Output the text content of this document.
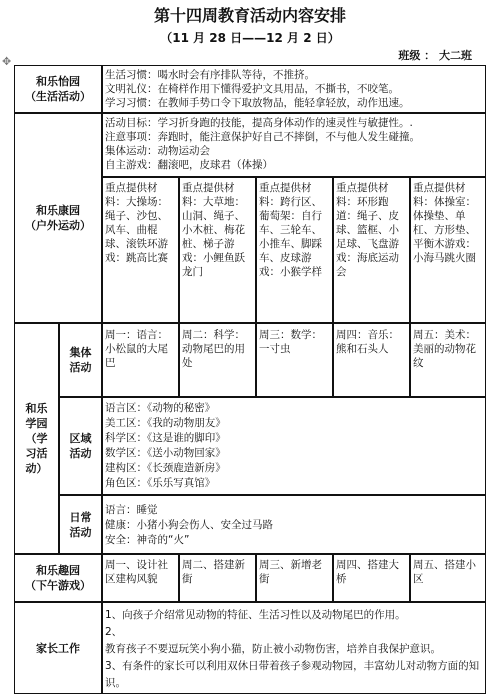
第十四周教育活动内容安排
（11 月 28 日——12 月 2 日）
✥	班级 ： 大二班
和乐怡园
（生活活动）
生活习惯：喝水时会有序排队等待，不推挤。
文明礼仪：在椅样作用下懂得爱护文具用品，不撕书，不咬笔。
学习习惯：在教师手势口令下取放物品，能轻拿轻放，动作迅速。
和乐康园
（户外运动）
活动目标：学习折身跑的技能，提高身体动作的速灵性与敏捷性。.
注意事项：奔跑时，能注意保护好自己不摔倒，不与他人发生碰撞。
集体运动：动物运动会
自主游戏：翻滚吧，皮球君（体操）
重点提供材料：大操场：绳子、沙包、风车、曲棍球、滚铁环游戏：跳高比赛
重点提供材料：大草地：山洞、绳子、小木桩、梅花桩、梯子游戏：小鲤鱼跃龙门
重点提供材料：跨行区、葡萄架：自行车、三轮车、小推车、脚踩车、皮球游戏：小猴学样
重点提供材料：环形跑道：绳子、皮球、篮框、小足球、飞盘游戏：海底运动会
重点提供材料：体操室：体操垫、单杠、方形垫、平衡木游戏：小海马跳火圈
和乐
学园
（学
习活
动）
集体
活动
周一：语言：小松鼠的大尾巴
周二：科学：动物尾巴的用处
周三：数学：一寸虫
周四：音乐：熊和石头人
周五：美术：美丽的动物花纹
区域
活动
语言区：《动物的秘密》
美工区：《我的动物朋友》
科学区：《这是谁的脚印》
数学区：《送小动物回家》
建构区：《长颈鹿造新房》
角色区：《乐乐写真馆》
日常
活动
语言：睡觉
健康：小猪小狗会伤人、安全过马路
安全：神奇的“火”
和乐趣园
（下午游戏）
周一、设计社区建构风貌
周二、搭建新街
周三、新增老街
周四、搭建大桥
周五、搭建小区
家长工作
1、向孩子介绍常见动物的特征、生活习性以及动物尾巴的作用。
2、
教育孩子不要逗玩笑小狗小猫，防止被小动物伤害，培养自我保护意识。
3、有条件的家长可以利用双休日带着孩子参观动物园，丰富幼儿对动物方面的知识。
